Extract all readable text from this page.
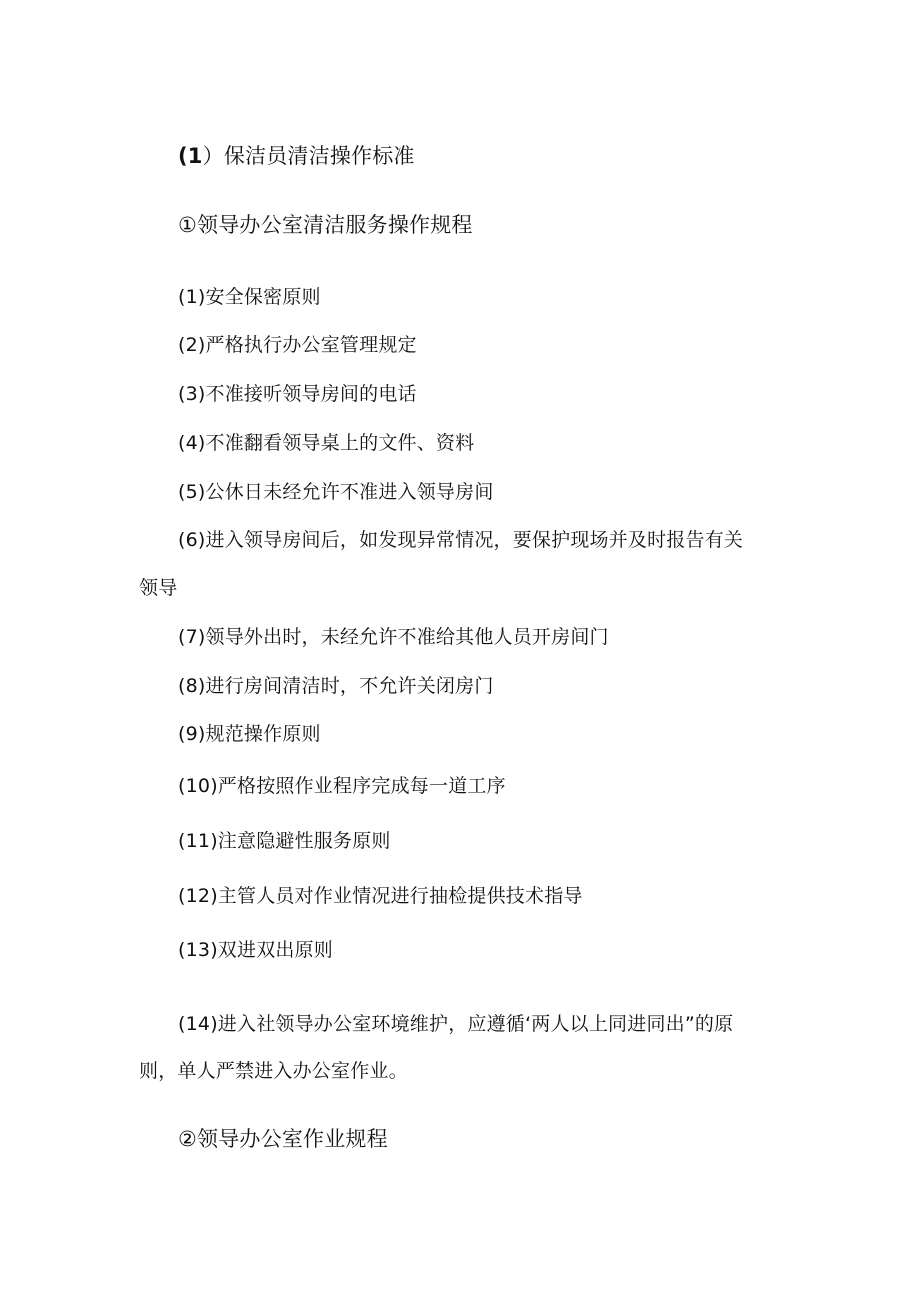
(1）保洁员清洁操作标准
①领导办公室清洁服务操作规程
(1)安全保密原则
(2)严格执行办公室管理规定
(3)不准接听领导房间的电话
(4)不准翻看领导桌上的文件、资料
(5)公休日未经允许不准进入领导房间
(6)进入领导房间后，如发现异常情况，要保护现场并及时报告有关
领导
(7)领导外出时，未经允许不准给其他人员开房间门
(8)进行房间清洁时，不允许关闭房门
(9)规范操作原则
(10)严格按照作业程序完成每一道工序
(11)注意隐避性服务原则
(12)主管人员对作业情况进行抽检提供技术指导
(13)双进双出原则
(14)进入社领导办公室环境维护，应遵循‘两人以上同进同出”的原
则，单人严禁进入办公室作业。
②领导办公室作业规程
